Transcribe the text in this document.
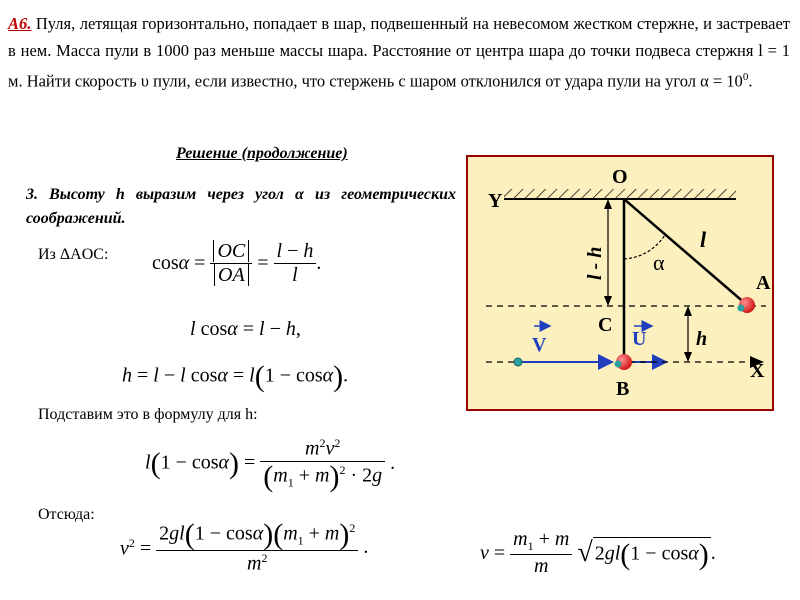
А6. Пуля, летящая горизонтально, попадает в шар, подвешенный на невесомом жестком стержне, и застревает в нем. Масса пули в 1000 раз меньше массы шара. Расстояние от центра шара до точки подвеса стержня l = 1 м. Найти скорость υ пули, если известно, что стержень с шаром отклонился от удара пули на угол $\alpha = 10^0$.
Решение (продолжение)
3. Высоту h выразим через угол α из геометрических соображений.
Из ΔAOC: $\cos\alpha = \frac{OC}{OA} = \frac{l - h}{l}$ .
l cosα = l − h,
h = l − l cosα = l(1 − cosα).
Подставим это в формулу для h:
$l(1 - \cos\alpha) = \frac{m^2v^2}{(m_1 + m)^2 \cdot 2g}$ .
Отсюда:
$v^2 = \frac{2gl(1 - \cos\alpha)(m_1 + m)^2}{m^2}$ .	$v = \frac{m_1 + m}{m}$
√ 2gl(1 − cosα) .
Y
O
α
l
l - h
C
U h
X
V
B
A
